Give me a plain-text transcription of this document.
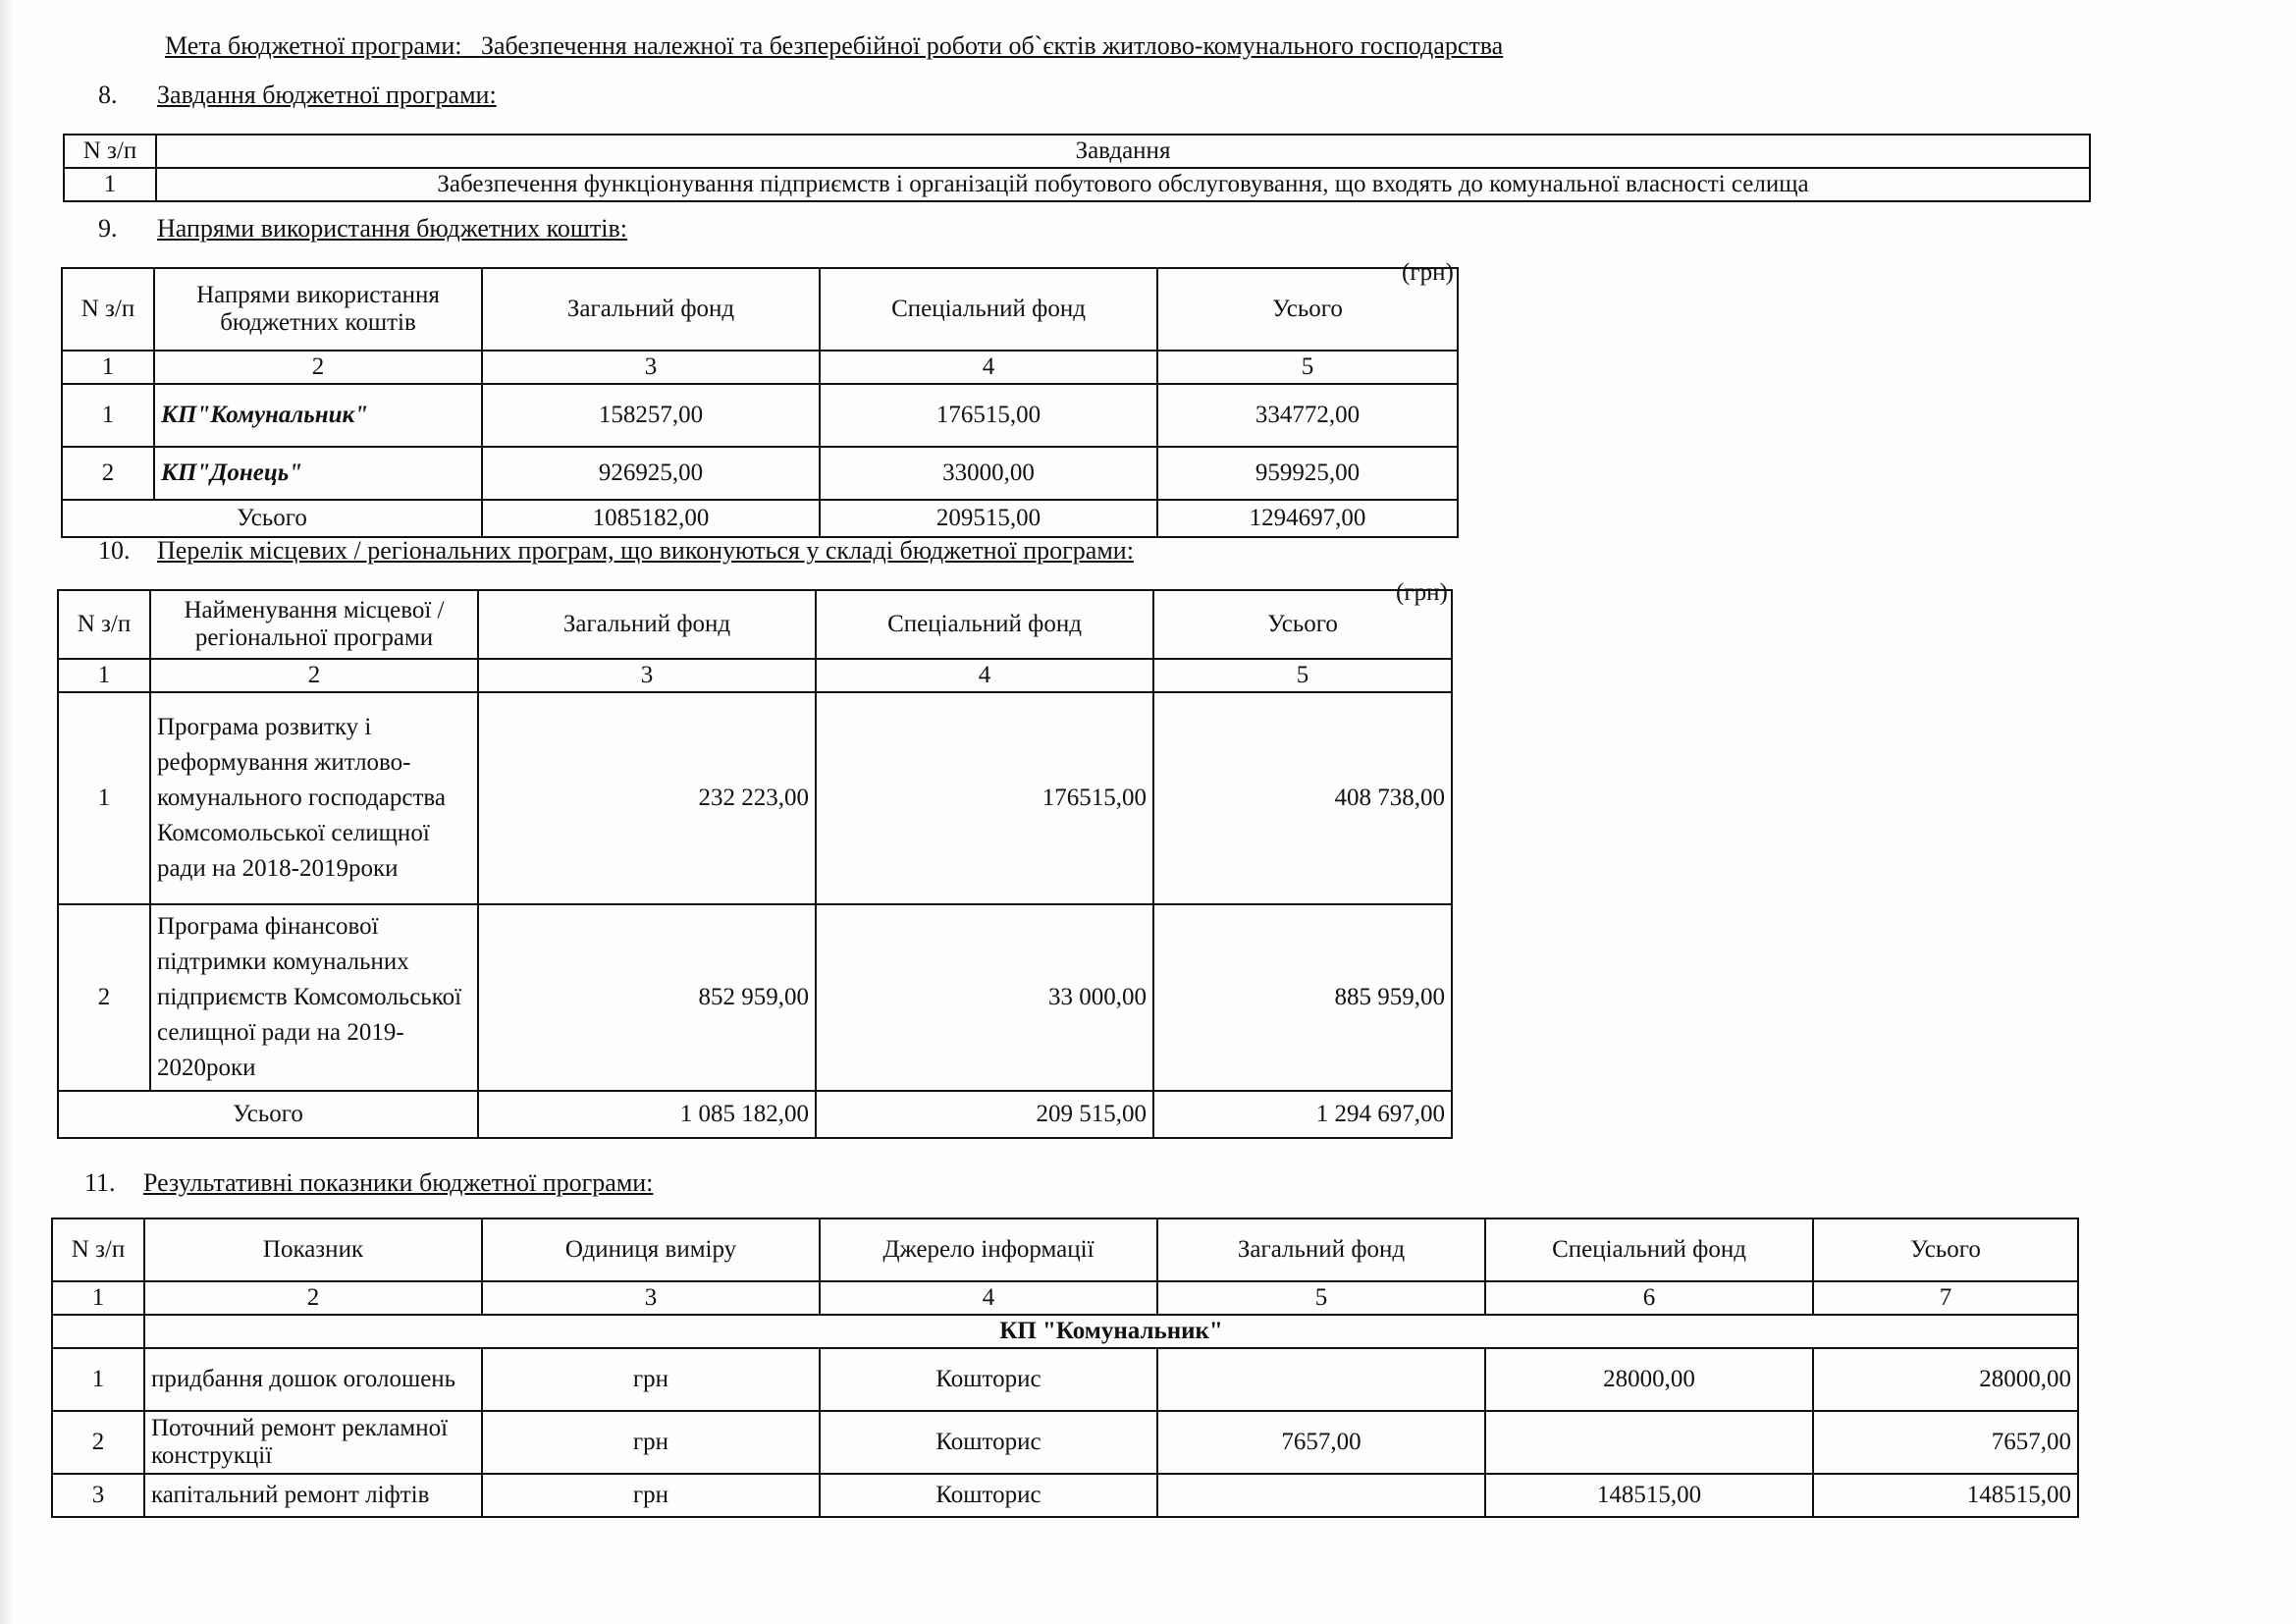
Мета бюджетної програми: Забезпечення належної та безперебійної роботи об`єктів житлово-комунального господарства
8. Завдання бюджетної програми:
N з/п	Завдання
1	Забезпечення функціонування підприємств і організацій побутового обслуговування, що входять до комунальної власності селища
9. Напрями використання бюджетних коштів:
(грн)
N з/п	Напрями використання бюджетних коштів	Загальний фонд	Спеціальний фонд	Усього
1	2	3	4	5
1	КП"Комунальник"	158257,00	176515,00	334772,00
2	КП"Донець"	926925,00	33000,00	959925,00
Усього		1085182,00	209515,00	1294697,00
10. Перелік місцевих / регіональних програм, що виконуються у складі бюджетної програми:
(грн)
N з/п	Найменування місцевої / регіональної програми	Загальний фонд	Спеціальний фонд	Усього
1	2	3	4	5
1	Програма розвитку і реформування житлово-комунального господарства Комсомольської селищної ради на 2018-2019роки	232 223,00	176515,00	408 738,00
2	Програма фінансової підтримки комунальних підприємств Комсомольської селищної ради на 2019-2020роки	852 959,00	33 000,00	885 959,00
Усього		1 085 182,00	209 515,00	1 294 697,00
11. Результативні показники бюджетної програми:
N з/п	Показник	Одиниця виміру	Джерело інформації	Загальний фонд	Спеціальний фонд	Усього
1	2	3	4	5	6	7
	КП "Комунальник"					
1	придбання дошок оголошень	грн	Кошторис		28000,00	28000,00
2	Поточний ремонт рекламної конструкції	грн	Кошторис	7657,00		7657,00
3	капітальний ремонт ліфтів	грн	Кошторис		148515,00	148515,00
